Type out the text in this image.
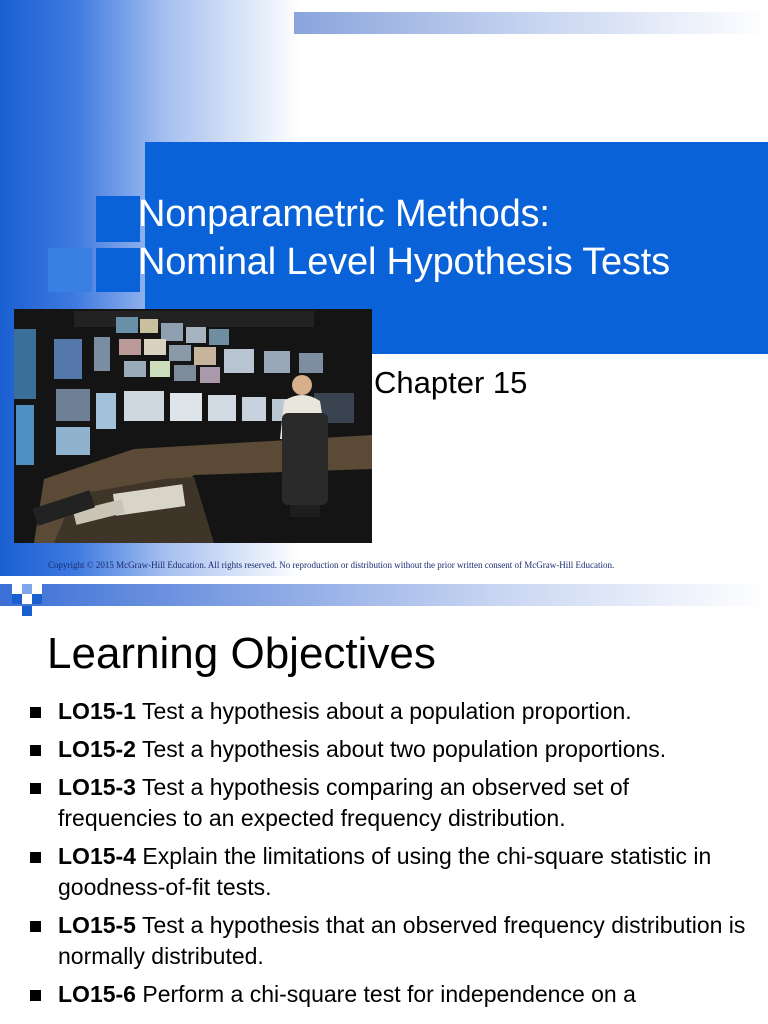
Nonparametric Methods:
Nominal Level Hypothesis Tests
Chapter 15
Copyright © 2015 McGraw-Hill Education. All rights reserved. No reproduction or distribution without the prior written consent of McGraw-Hill Education.
Learning Objectives
LO15-1 Test a hypothesis about a population proportion.
LO15-2 Test a hypothesis about two population proportions.
LO15-3 Test a hypothesis comparing an observed set of frequencies to an expected frequency distribution.
LO15-4 Explain the limitations of using the chi-square statistic in goodness-of-fit tests.
LO15-5 Test a hypothesis that an observed frequency distribution is normally distributed.
LO15-6 Perform a chi-square test for independence on a
